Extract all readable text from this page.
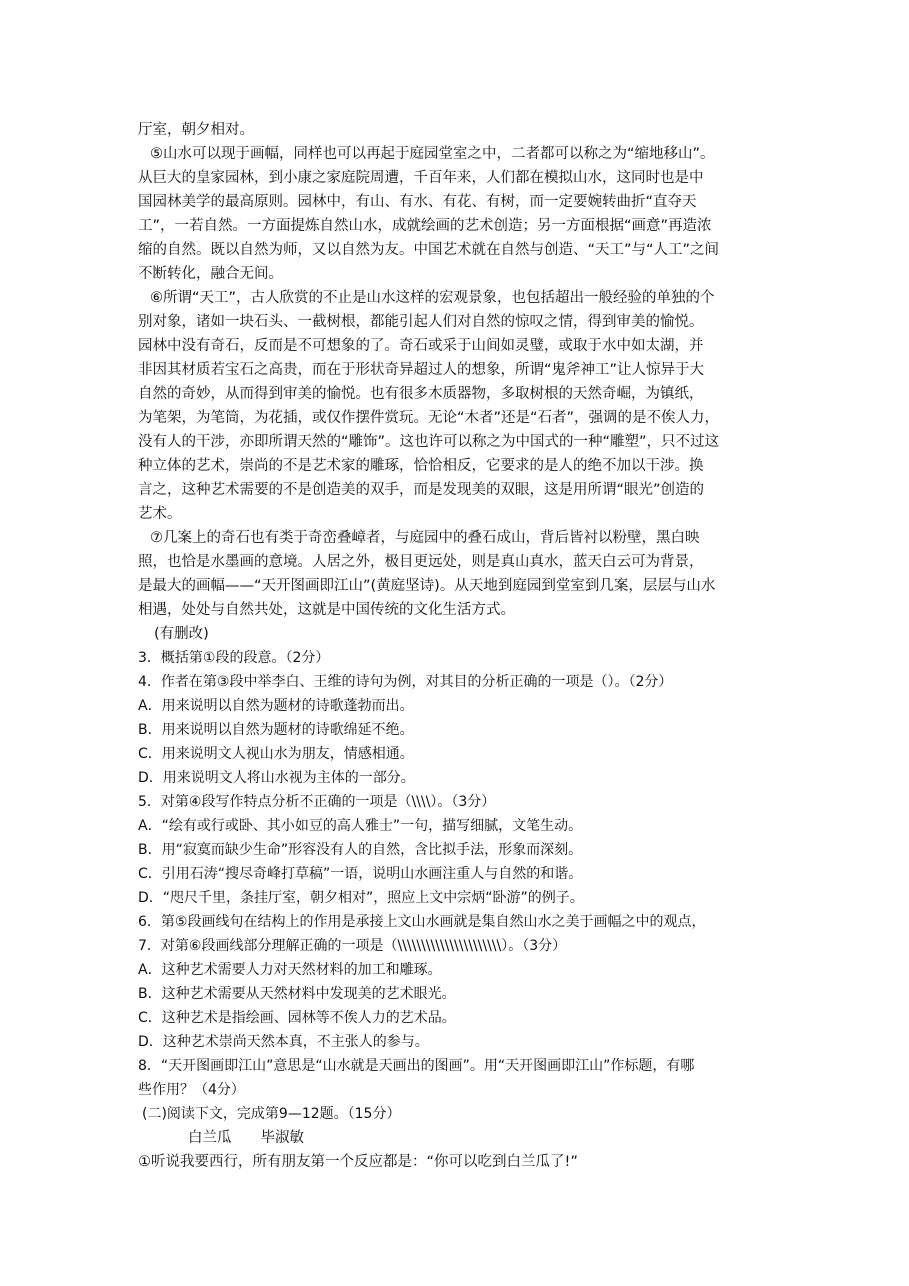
厅室，朝夕相对。
⑤山水可以现于画幅，同样也可以再起于庭园堂室之中，二者都可以称之为“缩地移山”。
从巨大的皇家园林，到小康之家庭院周遭，千百年来，人们都在模拟山水，这同时也是中
国园林美学的最高原则。园林中，有山、有水、有花、有树，而一定要婉转曲折“直夺天
工”，一若自然。一方面提炼自然山水，成就绘画的艺术创造；另一方面根据“画意”再造浓
缩的自然。既以自然为师，又以自然为友。中国艺术就在自然与创造、“天工”与“人工”之间
不断转化，融合无间。
⑥所谓“天工”，古人欣赏的不止是山水这样的宏观景象，也包括超出一般经验的单独的个
别对象，诸如一块石头、一截树根，都能引起人们对自然的惊叹之情，得到审美的愉悦。
园林中没有奇石，反而是不可想象的了。奇石或采于山间如灵璧，或取于水中如太湖，并
非因其材质若宝石之高贵，而在于形状奇异超过人的想象，所谓“鬼斧神工”让人惊异于大
自然的奇妙，从而得到审美的愉悦。也有很多木质器物，多取树根的天然奇崛，为镇纸，
为笔架，为笔筒，为花插，或仅作摆件赏玩。无论“木者”还是“石者”，强调的是不俟人力，
没有人的干涉，亦即所谓天然的“雕饰”。这也许可以称之为中国式的一种“雕塑”，只不过这
种立体的艺术，崇尚的不是艺术家的雕琢，恰恰相反，它要求的是人的绝不加以干涉。换
言之，这种艺术需要的不是创造美的双手，而是发现美的双眼，这是用所谓“眼光”创造的
艺术。
⑦几案上的奇石也有类于奇峦叠嶂者，与庭园中的叠石成山，背后皆衬以粉壁，黑白映
照，也恰是水墨画的意境。人居之外，极目更远处，则是真山真水，蓝天白云可为背景，
是最大的画幅——“天开图画即江山”(黄庭坚诗)。从天地到庭园到堂室到几案，层层与山水
相遇，处处与自然共处，这就是中国传统的文化生活方式。
(有删改)
3．概括第①段的段意。（2分）
4．作者在第③段中举李白、王维的诗句为例，对其目的分析正确的一项是（）。（2分）
A．用来说明以自然为题材的诗歌蓬勃而出。
B．用来说明以自然为题材的诗歌绵延不绝。
C．用来说明文人视山水为朋友，情感相通。
D．用来说明文人将山水视为主体的一部分。
5．对第④段写作特点分析不正确的一项是（\\\\）。（3分）
A．“绘有或行或卧、其小如豆的高人雅士”一句，描写细腻，文笔生动。
B．用“寂寞而缺少生命”形容没有人的自然，含比拟手法，形象而深刻。
C．引用石涛“搜尽奇峰打草稿”一语，说明山水画注重人与自然的和谐。
D．“咫尺千里，条挂厅室，朝夕相对”，照应上文中宗炳“卧游”的例子。
6．第⑤段画线句在结构上的作用是承接上文山水画就是集自然山水之美于画幅之中的观点，
7．对第⑥段画线部分理解正确的一项是（\\\\\\\\\\\\\\\\\\\\\\）。（3分）
A．这种艺术需要人力对天然材料的加工和雕琢。
B．这种艺术需要从天然材料中发现美的艺术眼光。
C．这种艺术是指绘画、园林等不俟人力的艺术品。
D．这种艺术崇尚天然本真，不主张人的参与。
8．“天开图画即江山”意思是“山水就是天画出的图画”。用“天开图画即江山”作标题，有哪
些作用？（4分）
(二)阅读下文，完成第9—12题。（15分）
白兰瓜　　毕淑敏
①听说我要西行，所有朋友第一个反应都是：“你可以吃到白兰瓜了!”
